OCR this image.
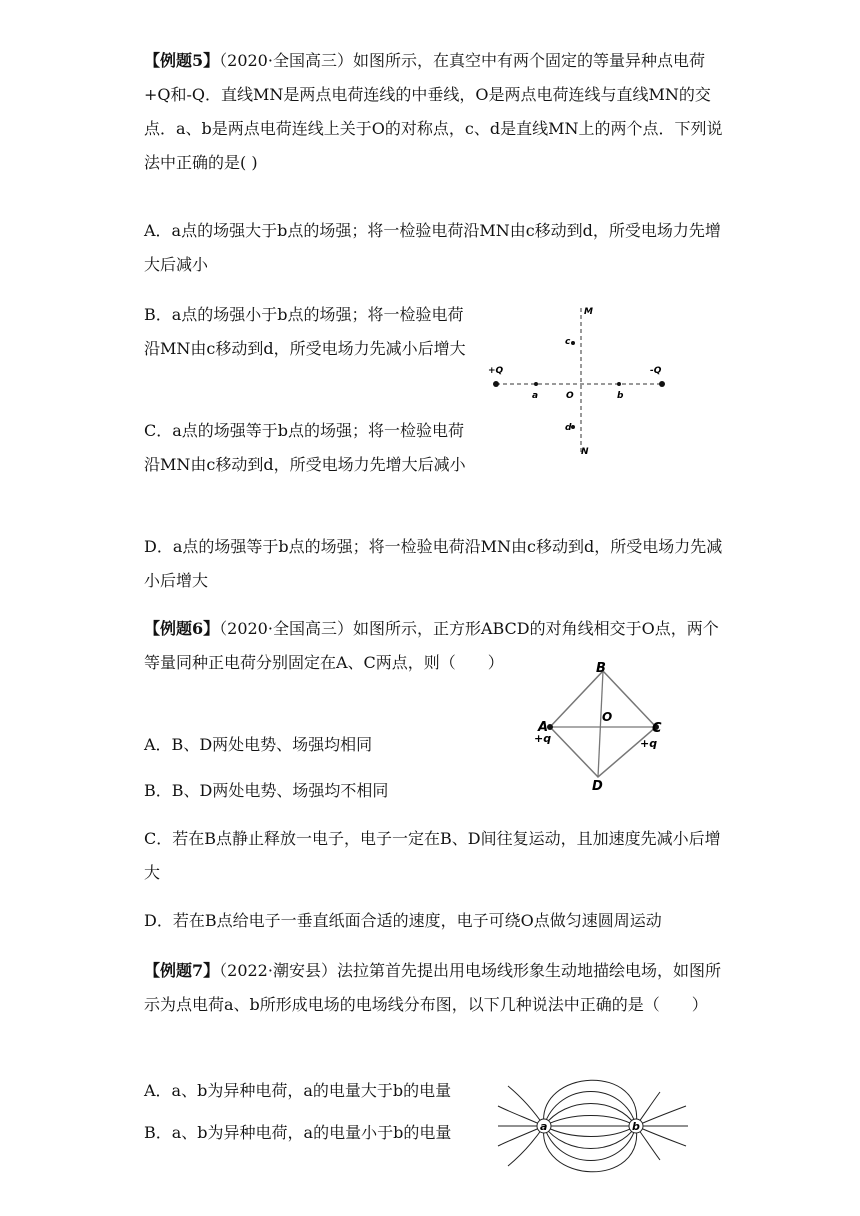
【例题5】（2020·全国高三）如图所示，在真空中有两个固定的等量异种点电荷+Q和-Q．直线MN是两点电荷连线的中垂线，O是两点电荷连线与直线MN的交点．a、b是两点电荷连线上关于O的对称点，c、d是直线MN上的两个点．下列说法中正确的是( )

A．a点的场强大于b点的场强；将一检验电荷沿MN由c移动到d，所受电场力先增大后减小

B．a点的场强小于b点的场强；将一检验电荷沿MN由c移动到d，所受电场力先减小后增大

C．a点的场强等于b点的场强；将一检验电荷沿MN由c移动到d，所受电场力先增大后减小

D．a点的场强等于b点的场强；将一检验电荷沿MN由c移动到d，所受电场力先减小后增大

+Q	-Q
M
N
c
d
a	b
O

【例题6】（2020·全国高三）如图所示，正方形ABCD的对角线相交于O点，两个等量同种正电荷分别固定在A、C两点，则（　　）

A．B、D两处电势、场强均相同

B．B、D两处电势、场强均不相同

C．若在B点静止释放一电子，电子一定在B、D间往复运动，且加速度先减小后增大

D．若在B点给电子一垂直纸面合适的速度，电子可绕O点做匀速圆周运动

B
A	C
D
O
+q	+q

【例题7】（2022·潮安县）法拉第首先提出用电场线形象生动地描绘电场，如图所示为点电荷a、b所形成电场的电场线分布图，以下几种说法中正确的是（　　）

A．a、b为异种电荷，a的电量大于b的电量

B．a、b为异种电荷，a的电量小于b的电量	a	b
